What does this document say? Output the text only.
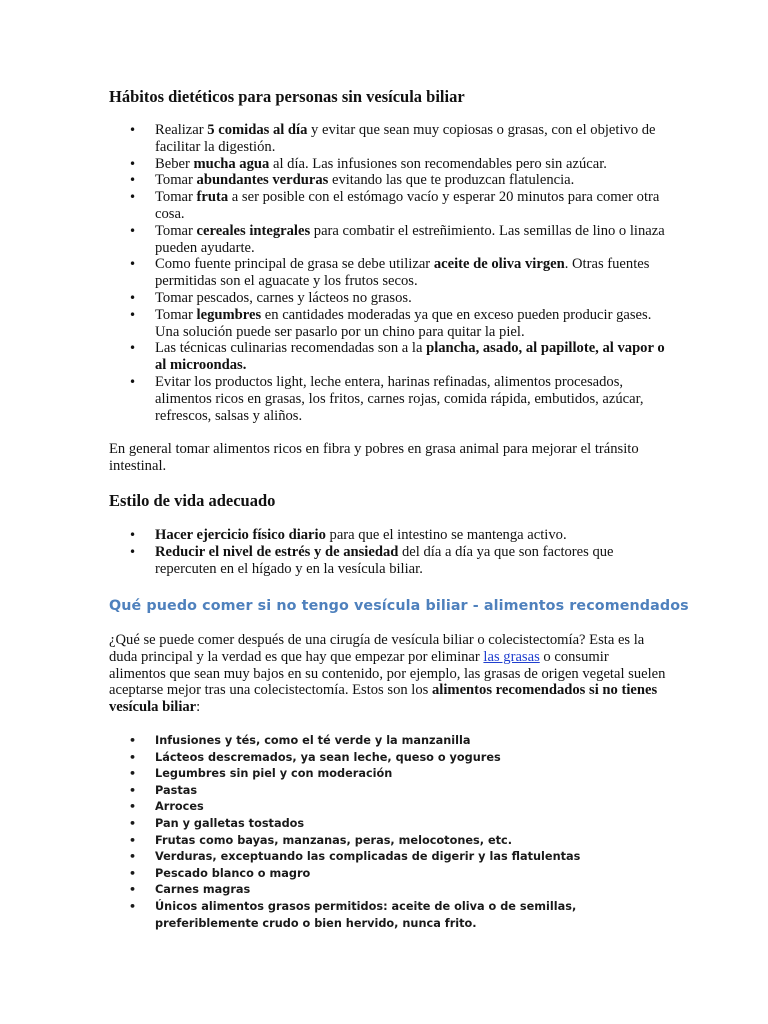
Hábitos dietéticos para personas sin vesícula biliar
• Realizar 5 comidas al día y evitar que sean muy copiosas o grasas, con el objetivo de facilitar la digestión.
• Beber mucha agua al día. Las infusiones son recomendables pero sin azúcar.
• Tomar abundantes verduras evitando las que te produzcan flatulencia.
• Tomar fruta a ser posible con el estómago vacío y esperar 20 minutos para comer otra cosa.
• Tomar cereales integrales para combatir el estreñimiento. Las semillas de lino o linaza pueden ayudarte.
• Como fuente principal de grasa se debe utilizar aceite de oliva virgen. Otras fuentes permitidas son el aguacate y los frutos secos.
• Tomar pescados, carnes y lácteos no grasos.
• Tomar legumbres en cantidades moderadas ya que en exceso pueden producir gases. Una solución puede ser pasarlo por un chino para quitar la piel.
• Las técnicas culinarias recomendadas son a la plancha, asado, al papillote, al vapor o al microondas.
• Evitar los productos light, leche entera, harinas refinadas, alimentos procesados, alimentos ricos en grasas, los fritos, carnes rojas, comida rápida, embutidos, azúcar, refrescos, salsas y aliños.

En general tomar alimentos ricos en fibra y pobres en grasa animal para mejorar el tránsito intestinal.

Estilo de vida adecuado
• Hacer ejercicio físico diario para que el intestino se mantenga activo.
• Reducir el nivel de estrés y de ansiedad del día a día ya que son factores que repercuten en el hígado y en la vesícula biliar.
Qué puedo comer si no tengo vesícula biliar - alimentos recomendados

¿Qué se puede comer después de una cirugía de vesícula biliar o colecistectomía? Esta es la duda principal y la verdad es que hay que empezar por eliminar las grasas o consumir alimentos que sean muy bajos en su contenido, por ejemplo, las grasas de origen vegetal suelen aceptarse mejor tras una colecistectomía. Estos son los alimentos recomendados si no tienes vesícula biliar:

• Infusiones y tés, como el té verde y la manzanilla
• Lácteos descremados, ya sean leche, queso o yogures
• Legumbres sin piel y con moderación
• Pastas
• Arroces
• Pan y galletas tostados
• Frutas como bayas, manzanas, peras, melocotones, etc.
• Verduras, exceptuando las complicadas de digerir y las flatulentas
• Pescado blanco o magro
• Carnes magras
• Únicos alimentos grasos permitidos: aceite de oliva o de semillas, preferiblemente crudo o bien hervido, nunca frito.
